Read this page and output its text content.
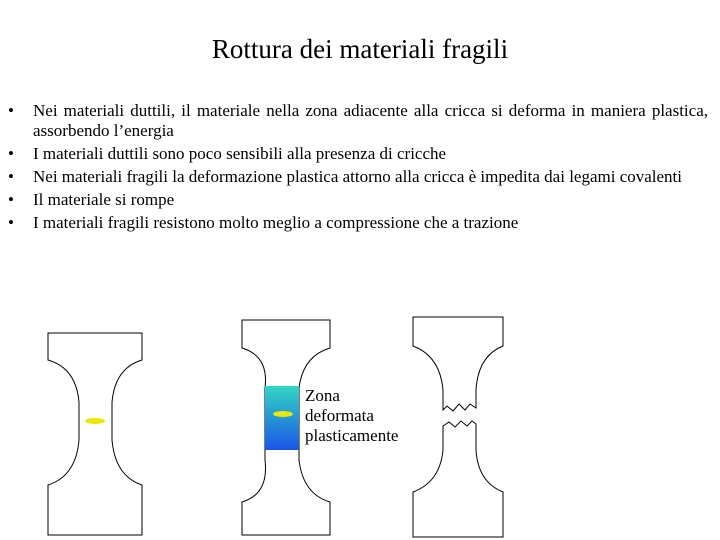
Rottura dei materiali fragili
• Nei materiali duttili, il materiale nella zona adiacente alla cricca si deforma in maniera plastica, assorbendo l’energia
• I materiali duttili sono poco sensibili alla presenza di cricche
• Nei materiali fragili la deformazione plastica attorno alla cricca è impedita dai legami covalenti
• Il materiale si rompe
• I materiali fragili resistono molto meglio a compressione che a trazione
Zona
deformata
plasticamente
